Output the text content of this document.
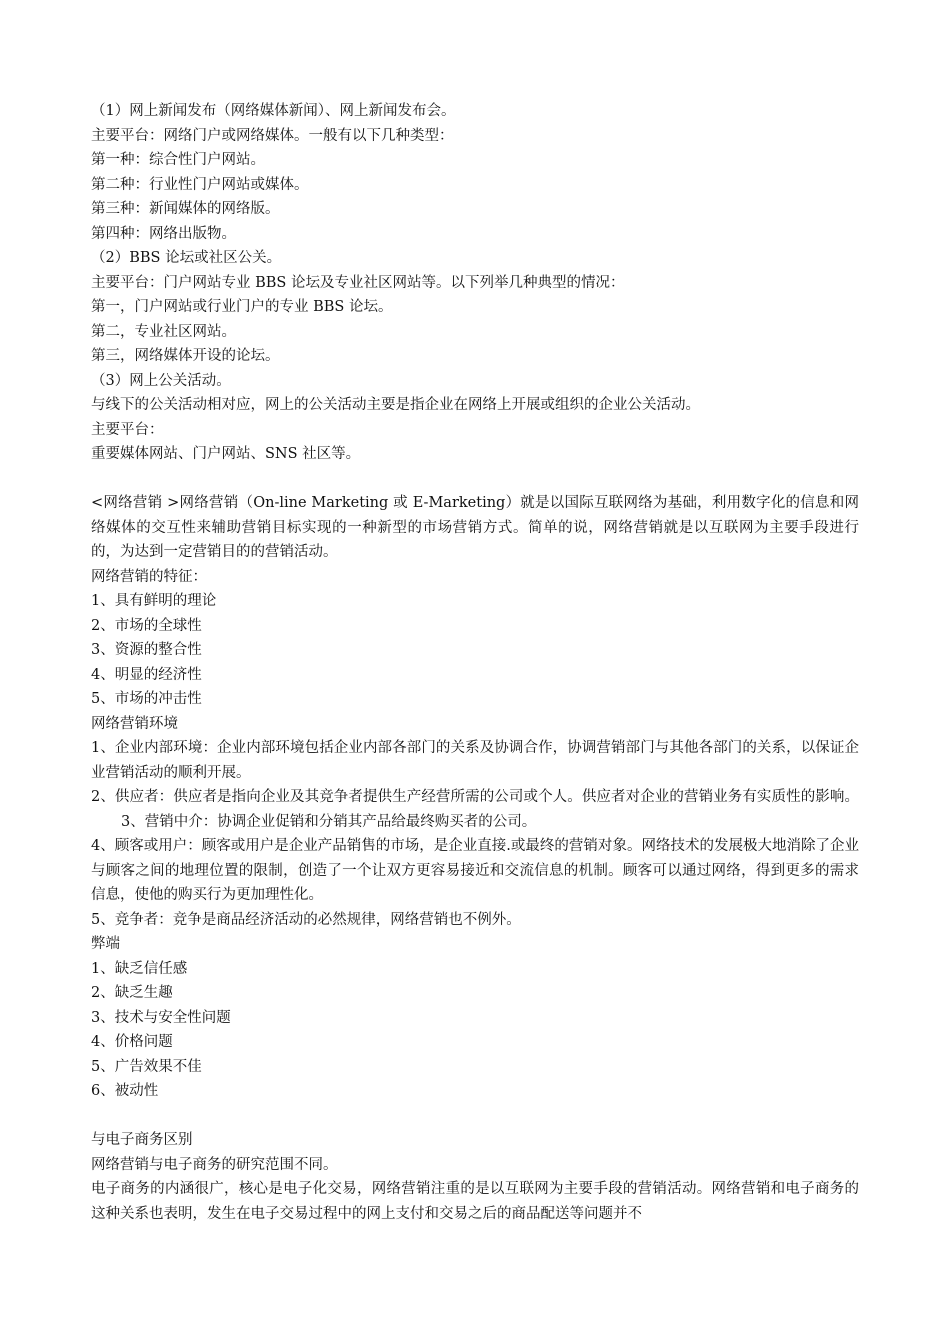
（1）网上新闻发布（网络媒体新闻）、网上新闻发布会。
主要平台：网络门户或网络媒体。一般有以下几种类型：
第一种：综合性门户网站。
第二种：行业性门户网站或媒体。
第三种：新闻媒体的网络版。
第四种：网络出版物。
（2）BBS 论坛或社区公关。
主要平台：门户网站专业 BBS 论坛及专业社区网站等。以下列举几种典型的情况：
第一，门户网站或行业门户的专业 BBS 论坛。
第二，专业社区网站。
第三，网络媒体开设的论坛。
（3）网上公关活动。
与线下的公关活动相对应，网上的公关活动主要是指企业在网络上开展或组织的企业公关活动。
主要平台：
重要媒体网站、门户网站、SNS 社区等。
<网络营销 >网络营销（On-line Marketing 或 E-Marketing）就是以国际互联网络为基础，利用数字化的信息和网络媒体的交互性来辅助营销目标实现的一种新型的市场营销方式。简单的说，网络营销就是以互联网为主要手段进行的，为达到一定营销目的的营销活动。
网络营销的特征：
1、具有鲜明的理论
2、市场的全球性
3、资源的整合性
4、明显的经济性
5、市场的冲击性
网络营销环境
1、企业内部环境：企业内部环境包括企业内部各部门的关系及协调合作，协调营销部门与其他各部门的关系，以保证企业营销活动的顺利开展。
2、供应者：供应者是指向企业及其竞争者提供生产经营所需的公司或个人。供应者对企业的营销业务有实质性的影响。3、营销中介：协调企业促销和分销其产品给最终购买者的公司。
4、顾客或用户：顾客或用户是企业产品销售的市场，是企业直接.或最终的营销对象。网络技术的发展极大地消除了企业与顾客之间的地理位置的限制，创造了一个让双方更容易接近和交流信息的机制。顾客可以通过网络，得到更多的需求信息，使他的购买行为更加理性化。
5、竞争者：竞争是商品经济活动的必然规律，网络营销也不例外。
弊端
1、缺乏信任感
2、缺乏生趣
3、技术与安全性问题
4、价格问题
5、广告效果不佳
6、被动性
与电子商务区别
网络营销与电子商务的研究范围不同。
电子商务的内涵很广，核心是电子化交易，网络营销注重的是以互联网为主要手段的营销活动。网络营销和电子商务的这种关系也表明，发生在电子交易过程中的网上支付和交易之后的商品配送等问题并不
